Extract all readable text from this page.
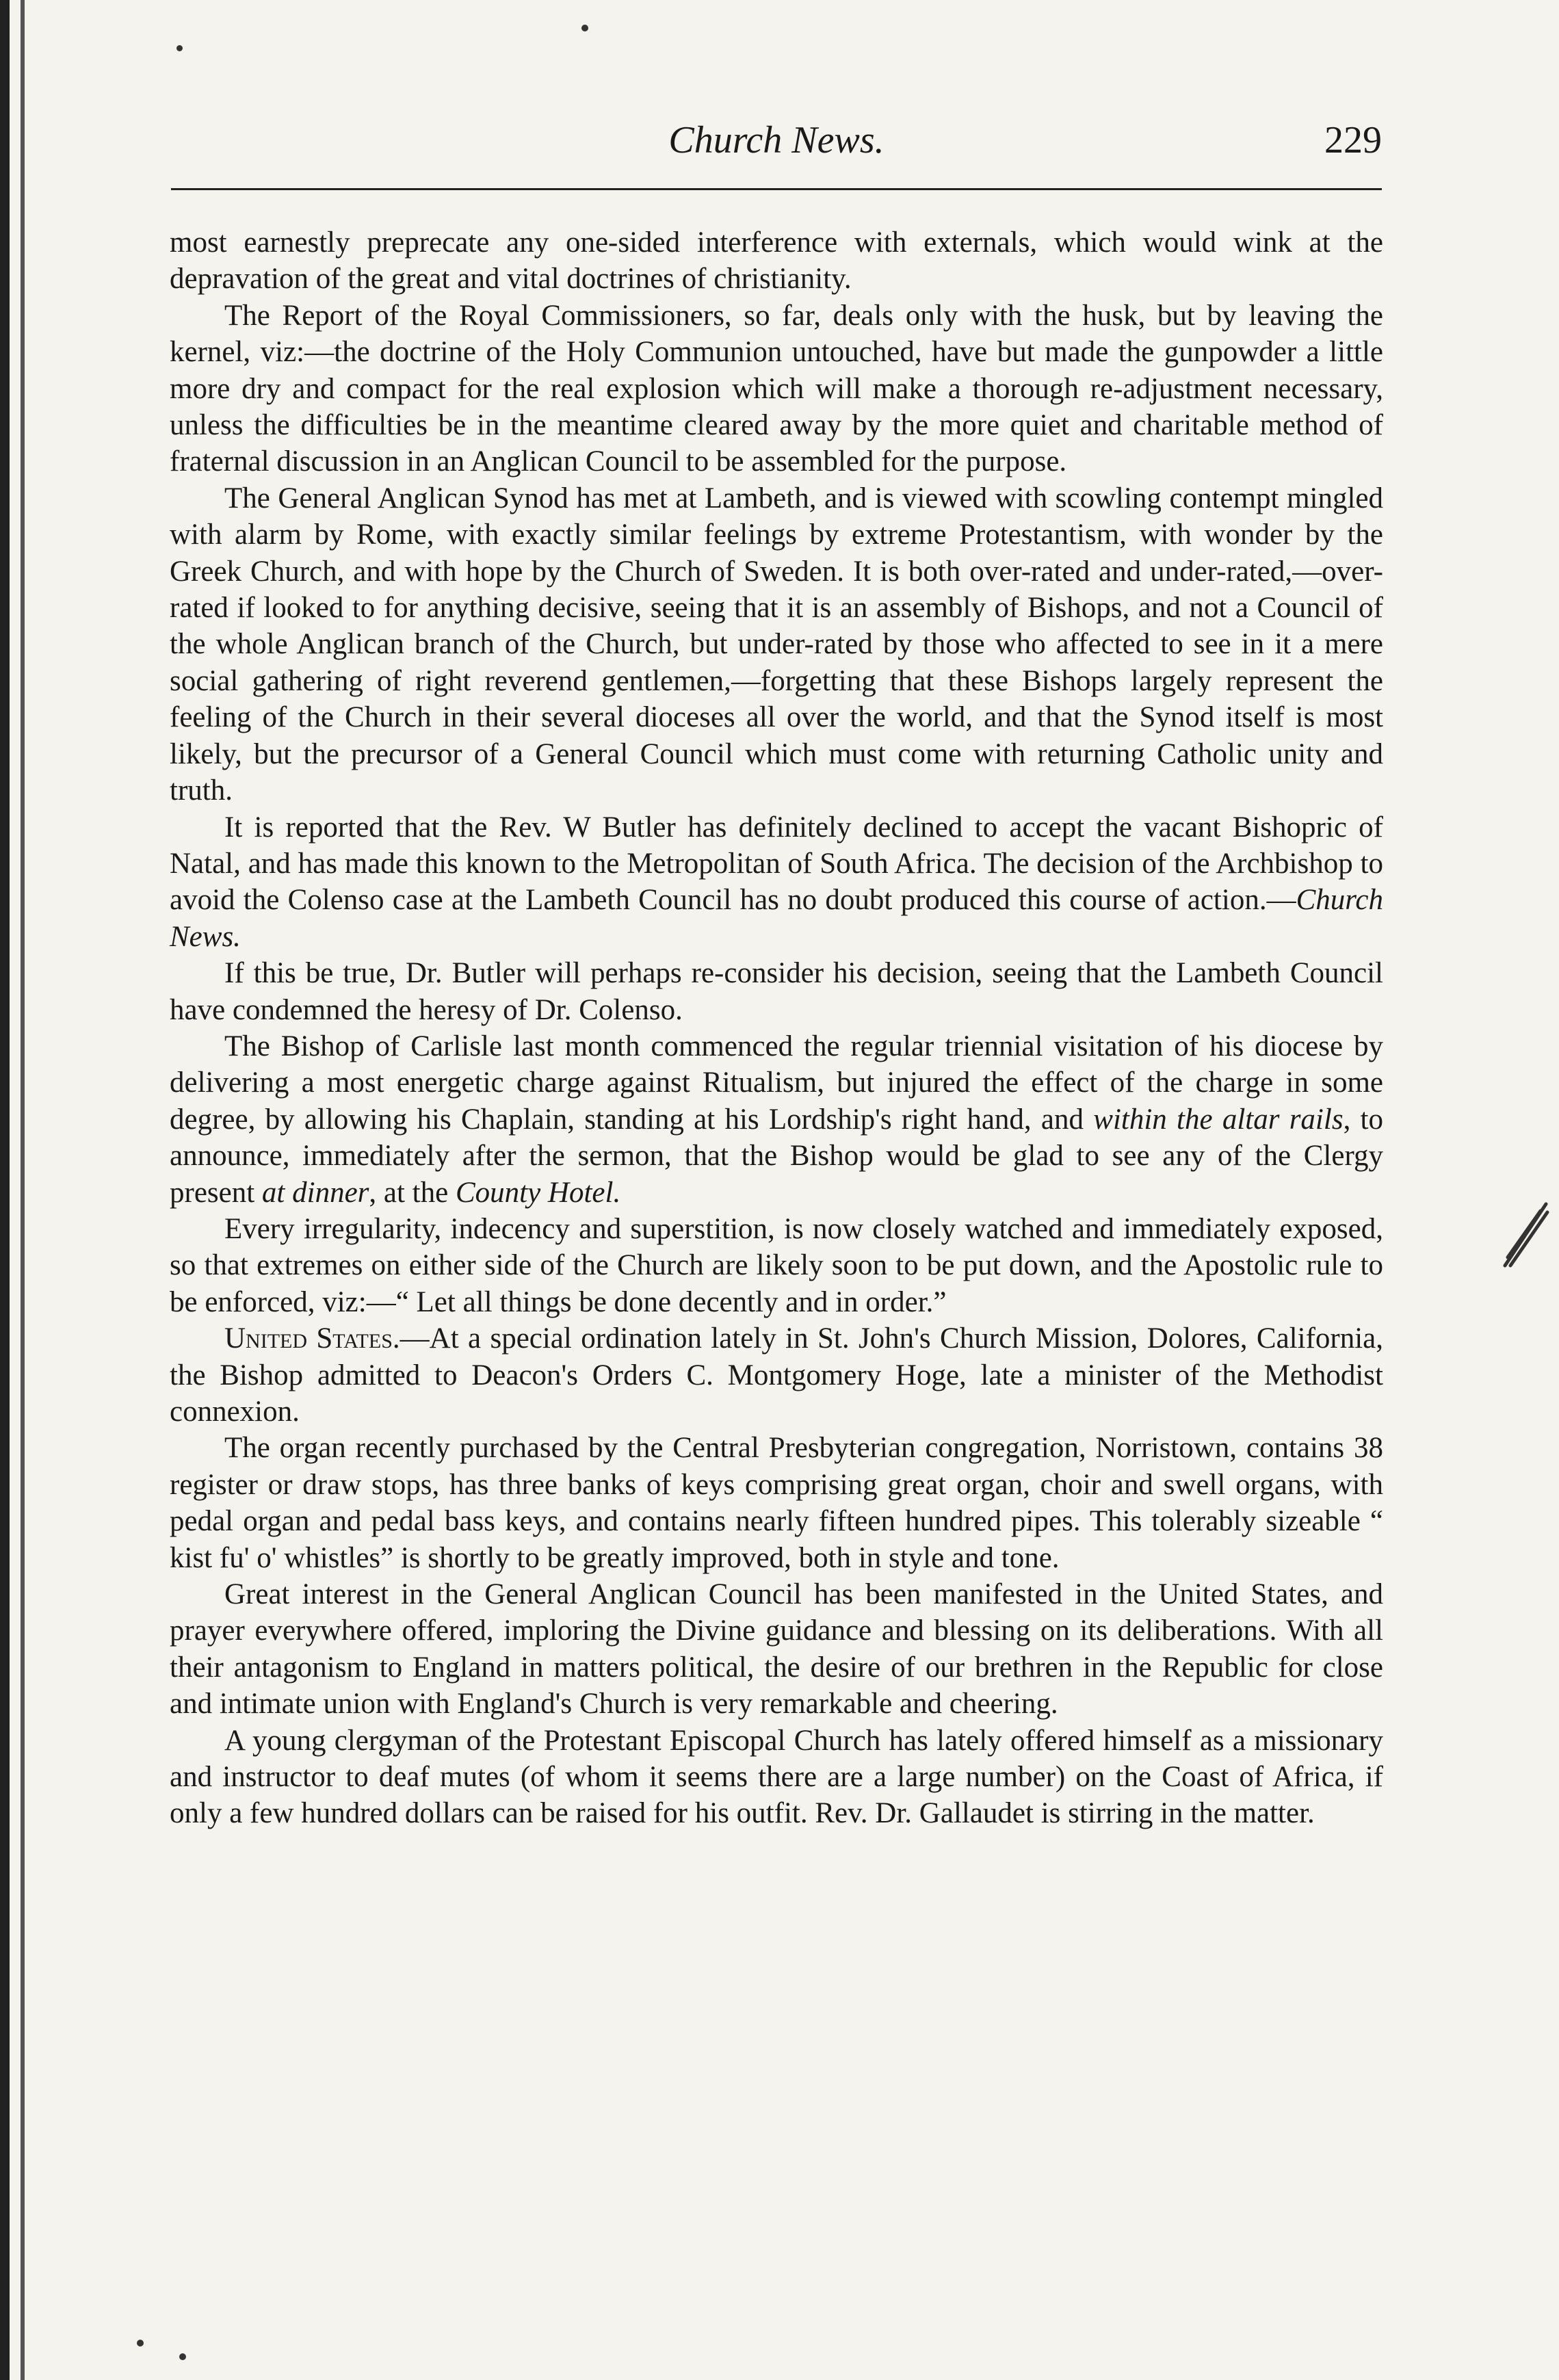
Church News.	229

most earnestly preprecate any one-sided interference with externals, which would wink at the depravation of the great and vital doctrines of christianity.

The Report of the Royal Commissioners, so far, deals only with the husk, but by leaving the kernel, viz:—the doctrine of the Holy Communion untouched, have but made the gunpowder a little more dry and compact for the real explosion which will make a thorough re-adjustment necessary, unless the difficulties be in the meantime cleared away by the more quiet and charitable method of fraternal discussion in an Anglican Council to be assembled for the purpose.

The General Anglican Synod has met at Lambeth, and is viewed with scowling contempt mingled with alarm by Rome, with exactly similar feelings by extreme Protestantism, with wonder by the Greek Church, and with hope by the Church of Sweden. It is both over-rated and under-rated,—over-rated if looked to for anything decisive, seeing that it is an assembly of Bishops, and not a Council of the whole Anglican branch of the Church, but under-rated by those who affected to see in it a mere social gathering of right reverend gentlemen,—forgetting that these Bishops largely represent the feeling of the Church in their several dioceses all over the world, and that the Synod itself is most likely, but the precursor of a General Council which must come with returning Catholic unity and truth.

It is reported that the Rev. W Butler has definitely declined to accept the vacant Bishopric of Natal, and has made this known to the Metropolitan of South Africa. The decision of the Archbishop to avoid the Colenso case at the Lambeth Council has no doubt produced this course of action.—Church News.

If this be true, Dr. Butler will perhaps re-consider his decision, seeing that the Lambeth Council have condemned the heresy of Dr. Colenso.

The Bishop of Carlisle last month commenced the regular triennial visitation of his diocese by delivering a most energetic charge against Ritualism, but injured the effect of the charge in some degree, by allowing his Chaplain, standing at his Lordship's right hand, and within the altar rails, to announce, immediately after the sermon, that the Bishop would be glad to see any of the Clergy present at dinner, at the County Hotel.

Every irregularity, indecency and superstition, is now closely watched and immediately exposed, so that extremes on either side of the Church are likely soon to be put down, and the Apostolic rule to be enforced, viz:—“ Let all things be done decently and in order.”

United States.—At a special ordination lately in St. John's Church Mission, Dolores, California, the Bishop admitted to Deacon's Orders C. Montgomery Hoge, late a minister of the Methodist connexion.

The organ recently purchased by the Central Presbyterian congregation, Norristown, contains 38 register or draw stops, has three banks of keys comprising great organ, choir and swell organs, with pedal organ and pedal bass keys, and contains nearly fifteen hundred pipes. This tolerably sizeable “ kist fu' o' whistles” is shortly to be greatly improved, both in style and tone.

Great interest in the General Anglican Council has been manifested in the United States, and prayer everywhere offered, imploring the Divine guidance and blessing on its deliberations. With all their antagonism to England in matters political, the desire of our brethren in the Republic for close and intimate union with England's Church is very remarkable and cheering.

A young clergyman of the Protestant Episcopal Church has lately offered himself as a missionary and instructor to deaf mutes (of whom it seems there are a large number) on the Coast of Africa, if only a few hundred dollars can be raised for his outfit. Rev. Dr. Gallaudet is stirring in the matter.
